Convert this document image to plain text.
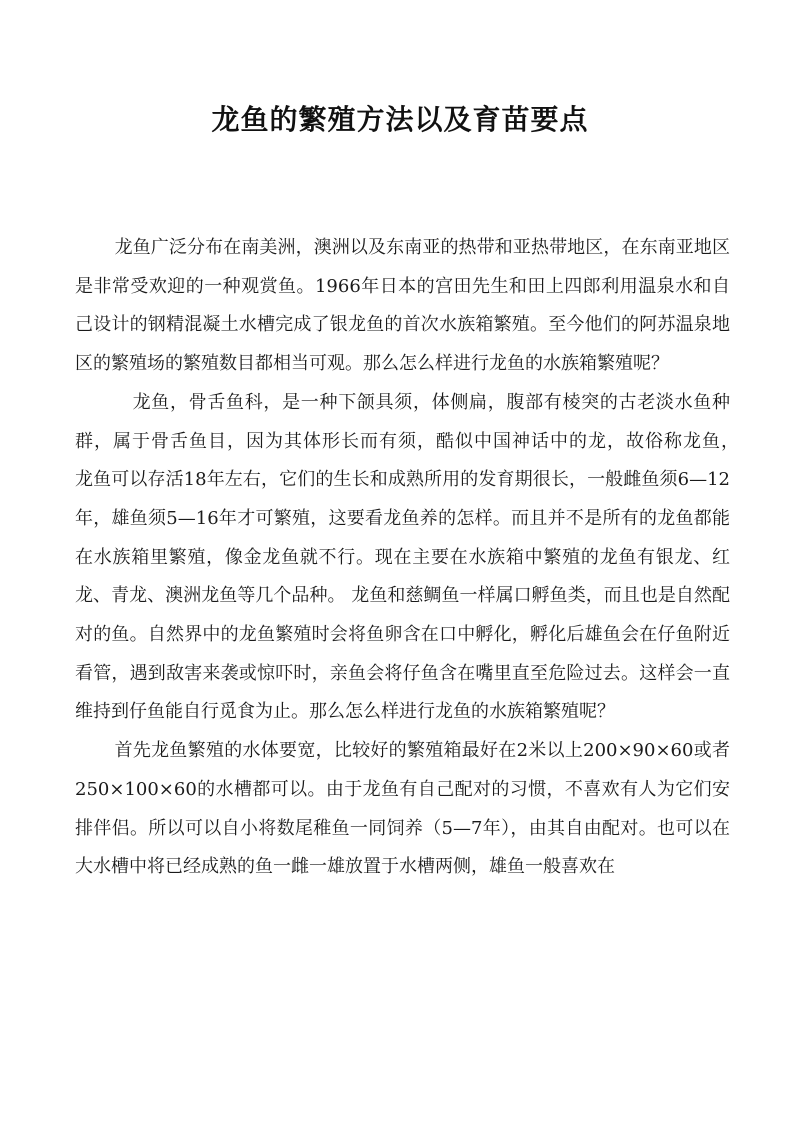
龙鱼的繁殖方法以及育苗要点

龙鱼广泛分布在南美洲，澳洲以及东南亚的热带和亚热带地区，在东南亚地区是非常受欢迎的一种观赏鱼。1966年日本的宫田先生和田上四郎利用温泉水和自己设计的钢精混凝土水槽完成了银龙鱼的首次水族箱繁殖。至今他们的阿苏温泉地区的繁殖场的繁殖数目都相当可观。那么怎么样进行龙鱼的水族箱繁殖呢？

龙鱼，骨舌鱼科，是一种下颌具须，体侧扁，腹部有棱突的古老淡水鱼种群，属于骨舌鱼目，因为其体形长而有须，酷似中国神话中的龙，故俗称龙鱼，　　龙鱼可以存活18年左右，它们的生长和成熟所用的发育期很长，一般雌鱼须6—12年，雄鱼须5—16年才可繁殖，这要看龙鱼养的怎样。而且并不是所有的龙鱼都能在水族箱里繁殖，像金龙鱼就不行。现在主要在水族箱中繁殖的龙鱼有银龙、红龙、青龙、澳洲龙鱼等几个品种。 龙鱼和慈鲷鱼一样属口孵鱼类，而且也是自然配对的鱼。自然界中的龙鱼繁殖时会将鱼卵含在口中孵化，孵化后雄鱼会在仔鱼附近看管，遇到敌害来袭或惊吓时，亲鱼会将仔鱼含在嘴里直至危险过去。这样会一直维持到仔鱼能自行觅食为止。那么怎么样进行龙鱼的水族箱繁殖呢？

首先龙鱼繁殖的水体要宽，比较好的繁殖箱最好在2米以上200×90×60或者250×100×60的水槽都可以。由于龙鱼有自己配对的习惯，不喜欢有人为它们安排伴侣。所以可以自小将数尾稚鱼一同饲养（5—7年），由其自由配对。也可以在大水槽中将已经成熟的鱼一雌一雄放置于水槽两侧，雄鱼一般喜欢在
